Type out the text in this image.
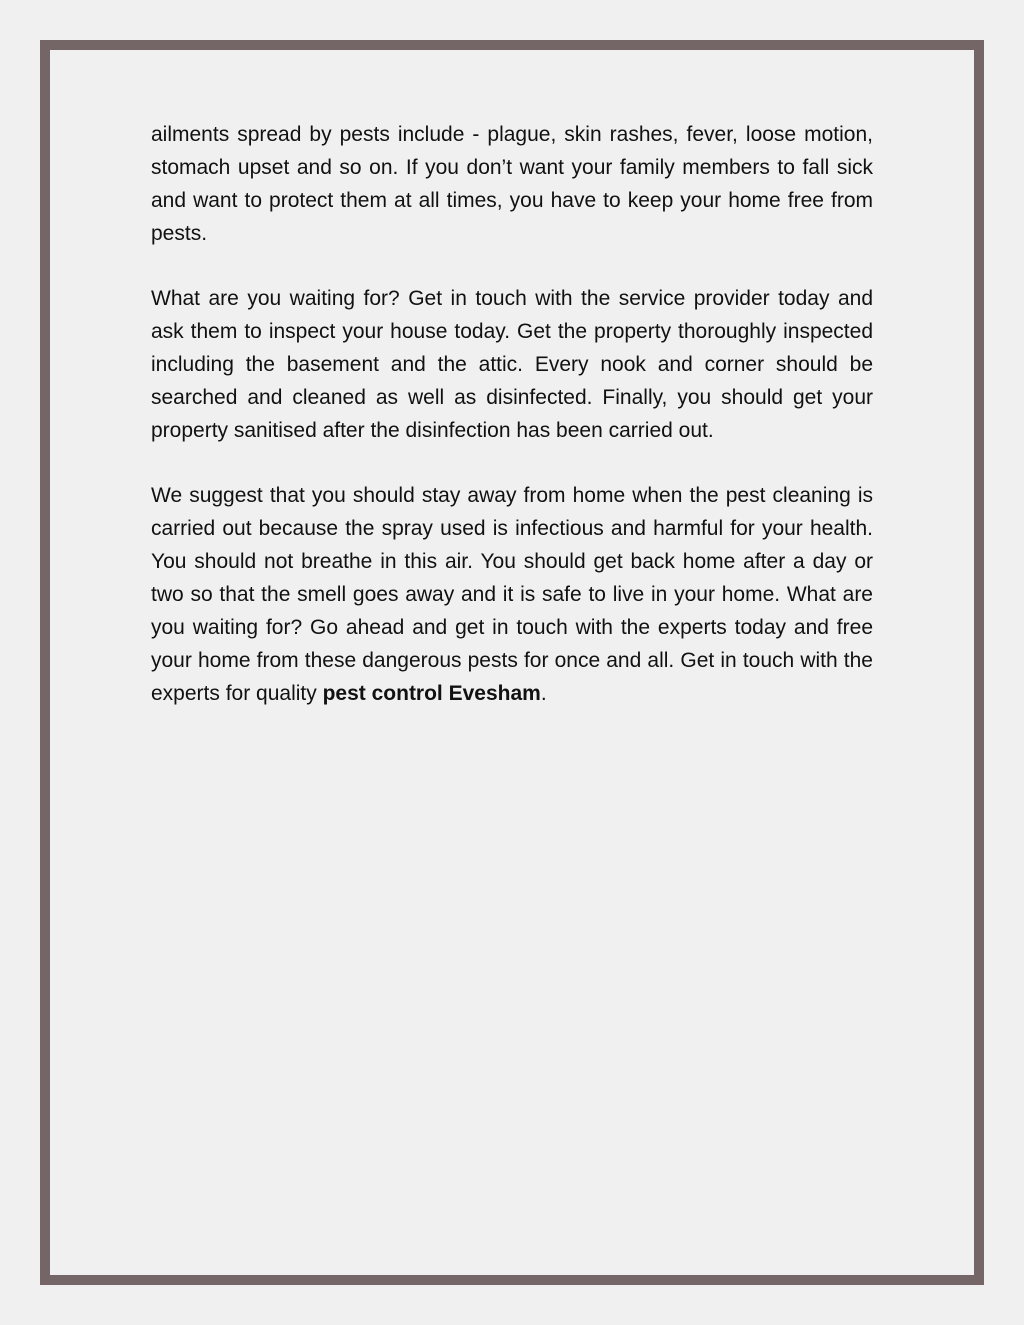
ailments spread by pests include - plague, skin rashes, fever, loose motion, stomach upset and so on. If you don’t want your family members to fall sick and want to protect them at all times, you have to keep your home free from pests.

What are you waiting for? Get in touch with the service provider today and ask them to inspect your house today. Get the property thoroughly inspected including the basement and the attic. Every nook and corner should be searched and cleaned as well as disinfected. Finally, you should get your property sanitised after the disinfection has been carried out.

We suggest that you should stay away from home when the pest cleaning is carried out because the spray used is infectious and harmful for your health. You should not breathe in this air. You should get back home after a day or two so that the smell goes away and it is safe to live in your home. What are you waiting for? Go ahead and get in touch with the experts today and free your home from these dangerous pests for once and all. Get in touch with the experts for quality pest control Evesham.
